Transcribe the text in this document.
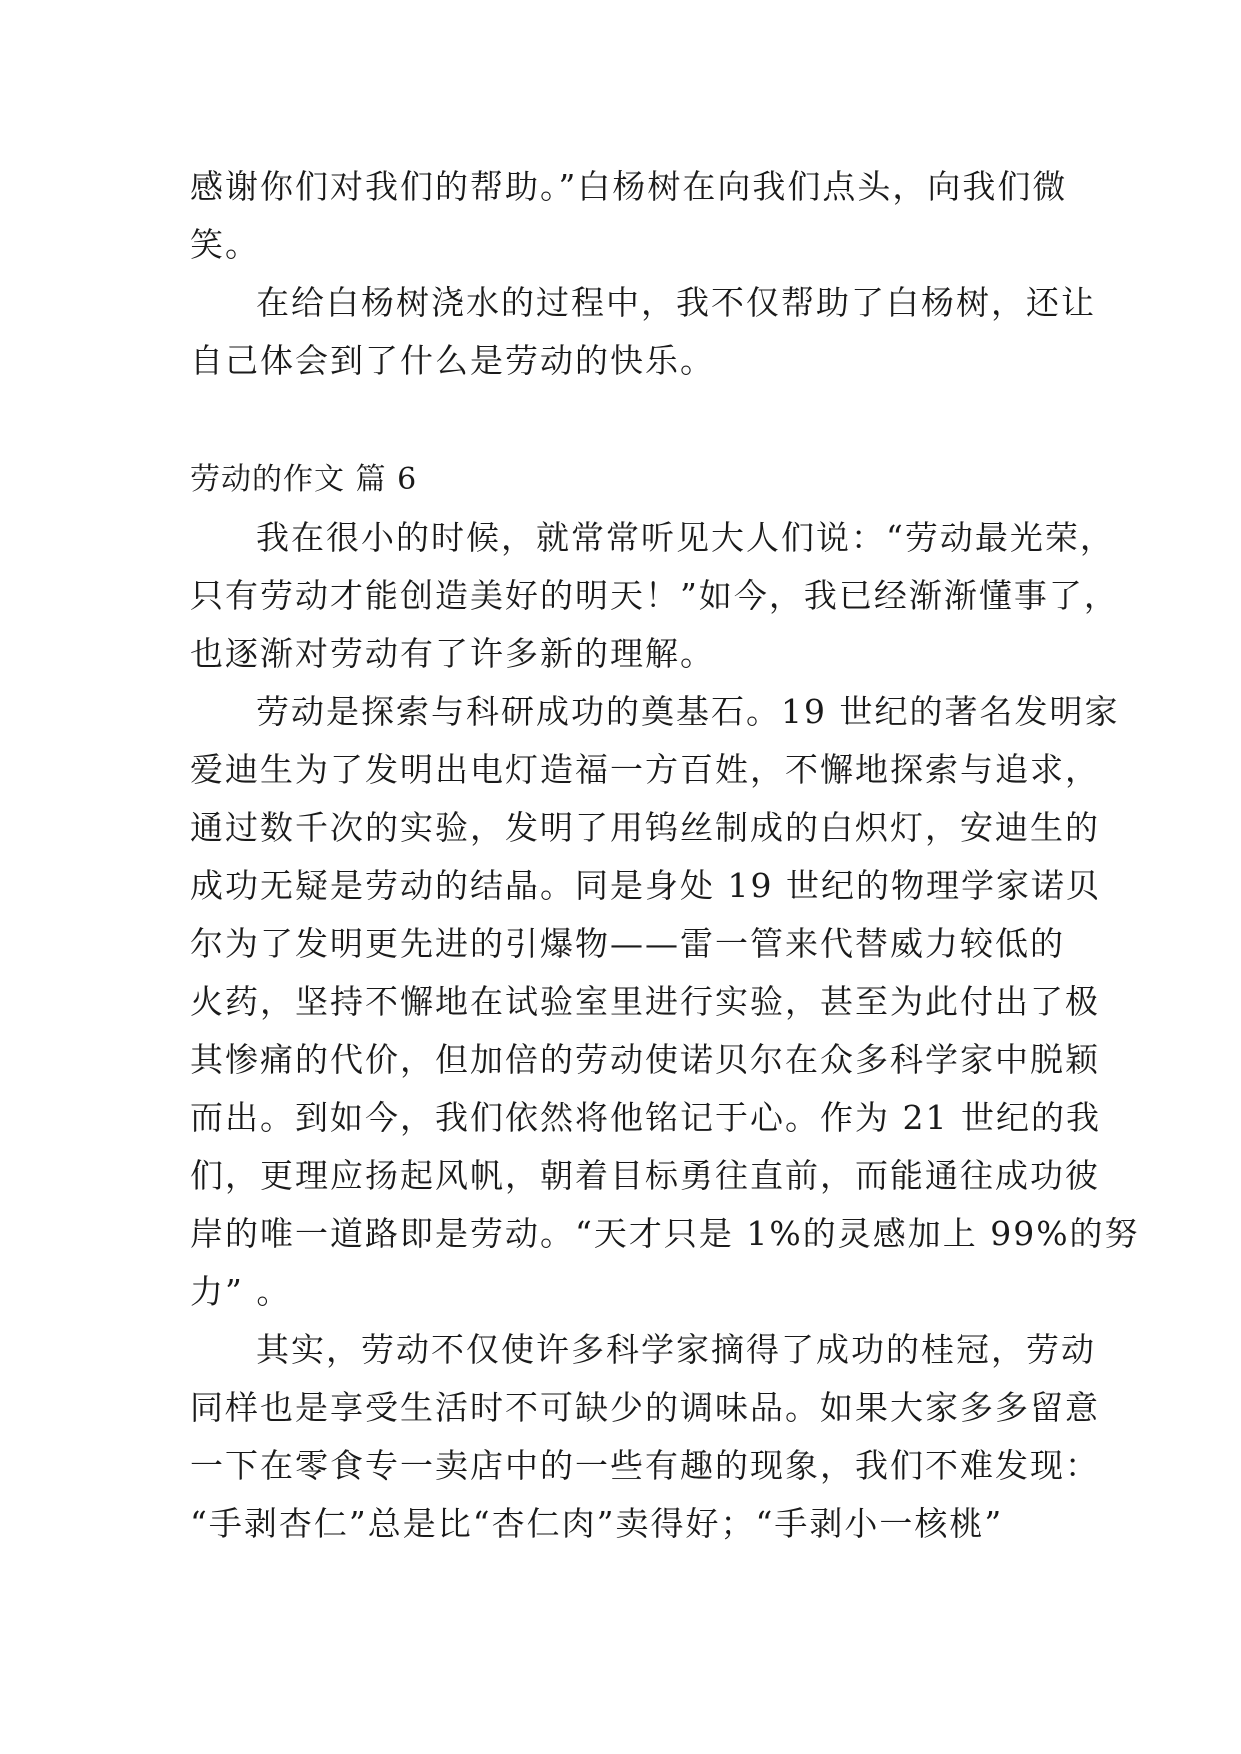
感谢你们对我们的帮助。”白杨树在向我们点头，向我们微
笑。
在给白杨树浇水的过程中，我不仅帮助了白杨树，还让
自己体会到了什么是劳动的快乐。
劳动的作文 篇 6
我在很小的时候，就常常听见大人们说：“劳动最光荣，
只有劳动才能创造美好的明天！”如今，我已经渐渐懂事了，
也逐渐对劳动有了许多新的理解。
劳动是探索与科研成功的奠基石。19 世纪的著名发明家
爱迪生为了发明出电灯造福一方百姓，不懈地探索与追求，
通过数千次的实验，发明了用钨丝制成的白炽灯，安迪生的
成功无疑是劳动的结晶。同是身处 19 世纪的物理学家诺贝
尔为了发明更先进的引爆物——雷一管来代替威力较低的
火药，坚持不懈地在试验室里进行实验，甚至为此付出了极
其惨痛的代价，但加倍的劳动使诺贝尔在众多科学家中脱颖
而出。到如今，我们依然将他铭记于心。作为 21 世纪的我
们，更理应扬起风帆，朝着目标勇往直前，而能通往成功彼
岸的唯一道路即是劳动。“天才只是 1%的灵感加上 99%的努
力” 。
其实，劳动不仅使许多科学家摘得了成功的桂冠，劳动
同样也是享受生活时不可缺少的调味品。如果大家多多留意
一下在零食专一卖店中的一些有趣的现象，我们不难发现：
“手剥杏仁”总是比“杏仁肉”卖得好；“手剥小一核桃”
